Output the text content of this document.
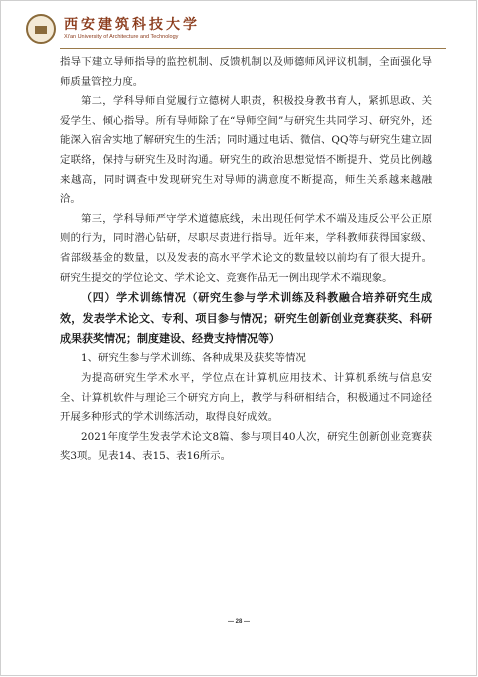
西安建筑科技大学
Xi'an University of Architecture and Technology

指导下建立导师指导的监控机制、反馈机制以及师德师风评议机制，全面强化导师质量管控力度。

第二，学科导师自觉履行立德树人职责，积极投身教书育人，紧抓思政、关爱学生、倾心指导。所有导师除了在“导师空间”与研究生共同学习、研究外，还能深入宿舍实地了解研究生的生活；同时通过电话、微信、QQ等与研究生建立固定联络，保持与研究生及时沟通。研究生的政治思想觉悟不断提升、党员比例越来越高，同时调查中发现研究生对导师的满意度不断提高，师生关系越来越融洽。

第三，学科导师严守学术道德底线，未出现任何学术不端及违反公平公正原则的行为，同时潜心钻研，尽职尽责进行指导。近年来，学科教师获得国家级、省部级基金的数量，以及发表的高水平学术论文的数量较以前均有了很大提升。研究生提交的学位论文、学术论文、竞赛作品无一例出现学术不端现象。

（四）学术训练情况（研究生参与学术训练及科教融合培养研究生成效，发表学术论文、专利、项目参与情况；研究生创新创业竞赛获奖、科研成果获奖情况；制度建设、经费支持情况等）

1、研究生参与学术训练、各种成果及获奖等情况

为提高研究生学术水平，学位点在计算机应用技术、计算机系统与信息安全、计算机软件与理论三个研究方向上，教学与科研相结合，积极通过不同途径开展多种形式的学术训练活动，取得良好成效。

2021年度学生发表学术论文8篇、参与项目40人次，研究生创新创业竞赛获奖3项。见表14、表15、表16所示。

— 28 —
